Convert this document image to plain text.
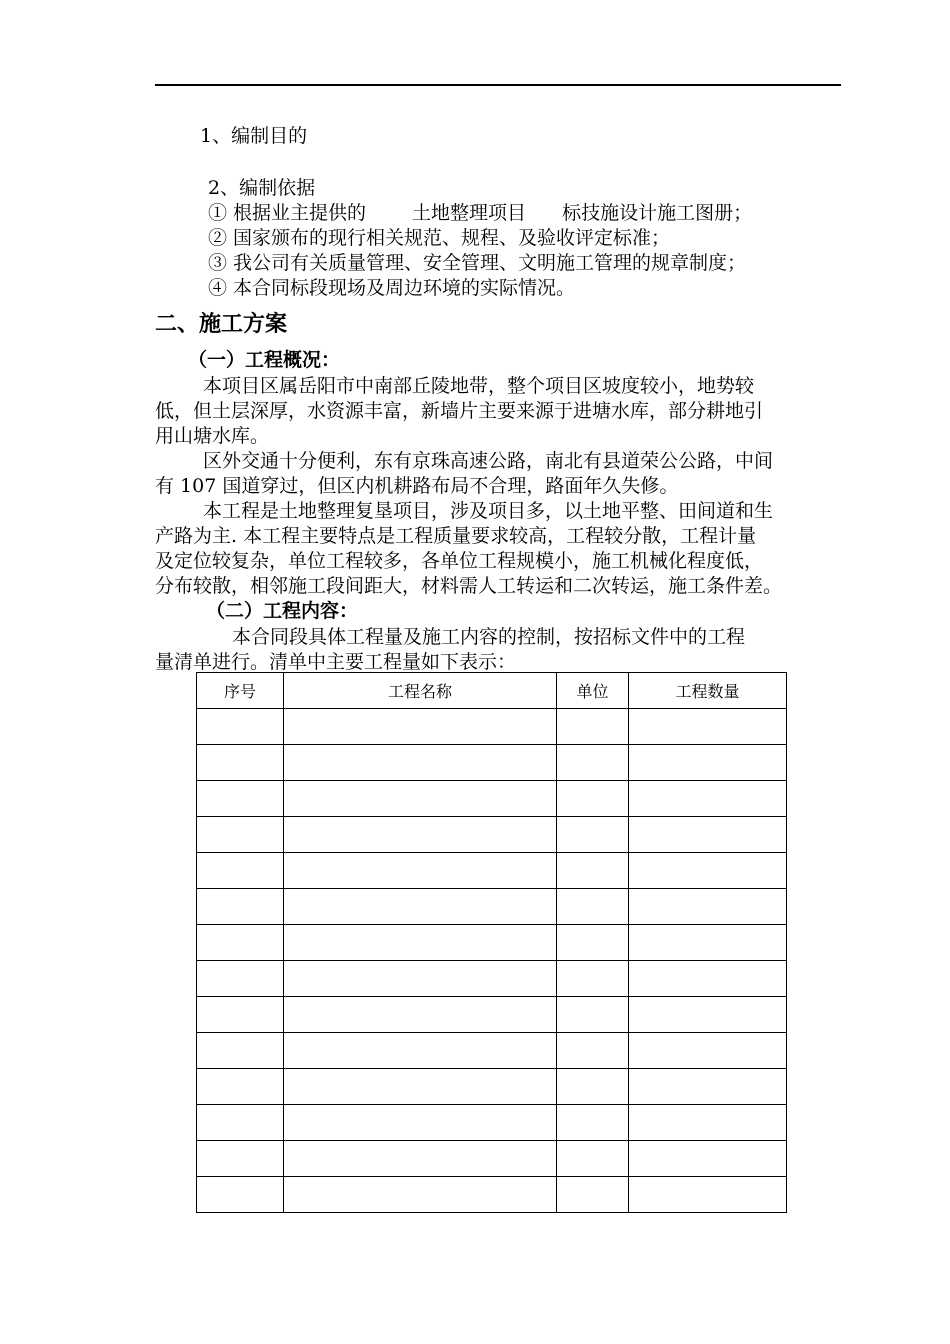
1、编制目的
2、编制依据
① 根据业主提供的 土地整理项目 标技施设计施工图册；
② 国家颁布的现行相关规范、规程、及验收评定标准；
③ 我公司有关质量管理、安全管理、文明施工管理的规章制度；
④ 本合同标段现场及周边环境的实际情况。
二、施工方案
（一）工程概况：
本项目区属岳阳市中南部丘陵地带，整个项目区坡度较小，地势较
低，但土层深厚，水资源丰富，新墙片主要来源于进塘水库，部分耕地引
用山塘水库。
区外交通十分便利，东有京珠高速公路，南北有县道荣公公路，中间
有 107 国道穿过，但区内机耕路布局不合理，路面年久失修。
本工程是土地整理复垦项目，涉及项目多，以土地平整、田间道和生
产路为主. 本工程主要特点是工程质量要求较高，工程较分散，工程计量
及定位较复杂，单位工程较多，各单位工程规模小，施工机械化程度低，
分布较散，相邻施工段间距大，材料需人工转运和二次转运，施工条件差。
（二）工程内容：
本合同段具体工程量及施工内容的控制，按招标文件中的工程
量清单进行。清单中主要工程量如下表示：
序号	工程名称	单位	工程数量
